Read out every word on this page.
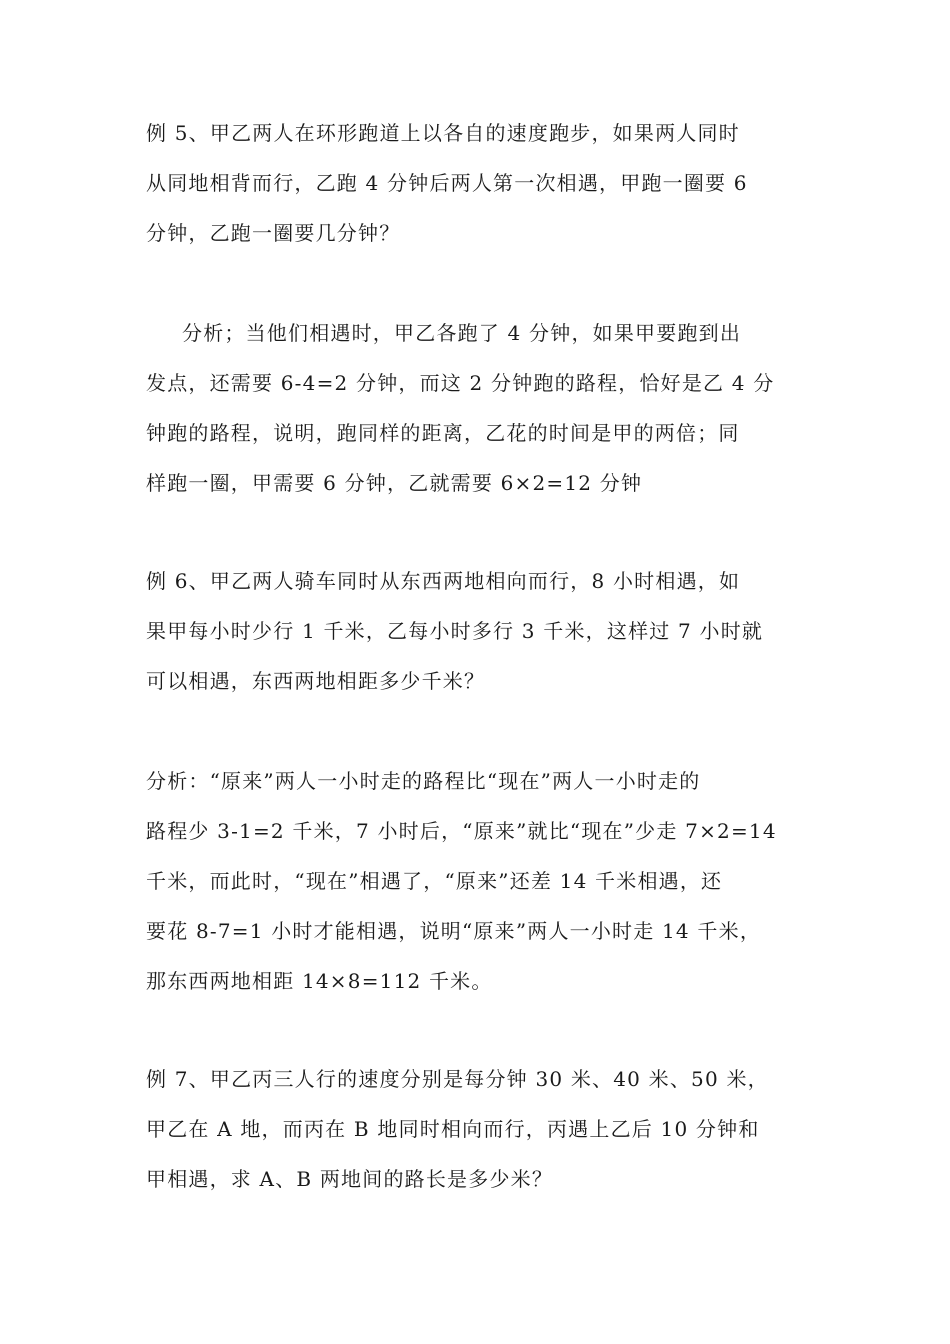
例 5、甲乙两人在环形跑道上以各自的速度跑步，如果两人同时
从同地相背而行，乙跑 4 分钟后两人第一次相遇，甲跑一圈要 6
分钟，乙跑一圈要几分钟？
分析；当他们相遇时，甲乙各跑了 4 分钟，如果甲要跑到出
发点，还需要 6-4=2 分钟，而这 2 分钟跑的路程，恰好是乙 4 分
钟跑的路程，说明，跑同样的距离，乙花的时间是甲的两倍；同
样跑一圈，甲需要 6 分钟，乙就需要 6×2=12 分钟
例 6、甲乙两人骑车同时从东西两地相向而行，8 小时相遇，如
果甲每小时少行 1 千米，乙每小时多行 3 千米，这样过 7 小时就
可以相遇，东西两地相距多少千米？
分析：“原来”两人一小时走的路程比“现在”两人一小时走的
路程少 3-1=2 千米，7 小时后，“原来”就比“现在”少走 7×2=14
千米，而此时，“现在”相遇了，“原来”还差 14 千米相遇，还
要花 8-7=1 小时才能相遇，说明“原来”两人一小时走 14 千米，
那东西两地相距 14×8=112 千米。
例 7、甲乙丙三人行的速度分别是每分钟 30 米、40 米、50 米，
甲乙在 A 地，而丙在 B 地同时相向而行，丙遇上乙后 10 分钟和
甲相遇，求 A、B 两地间的路长是多少米？
